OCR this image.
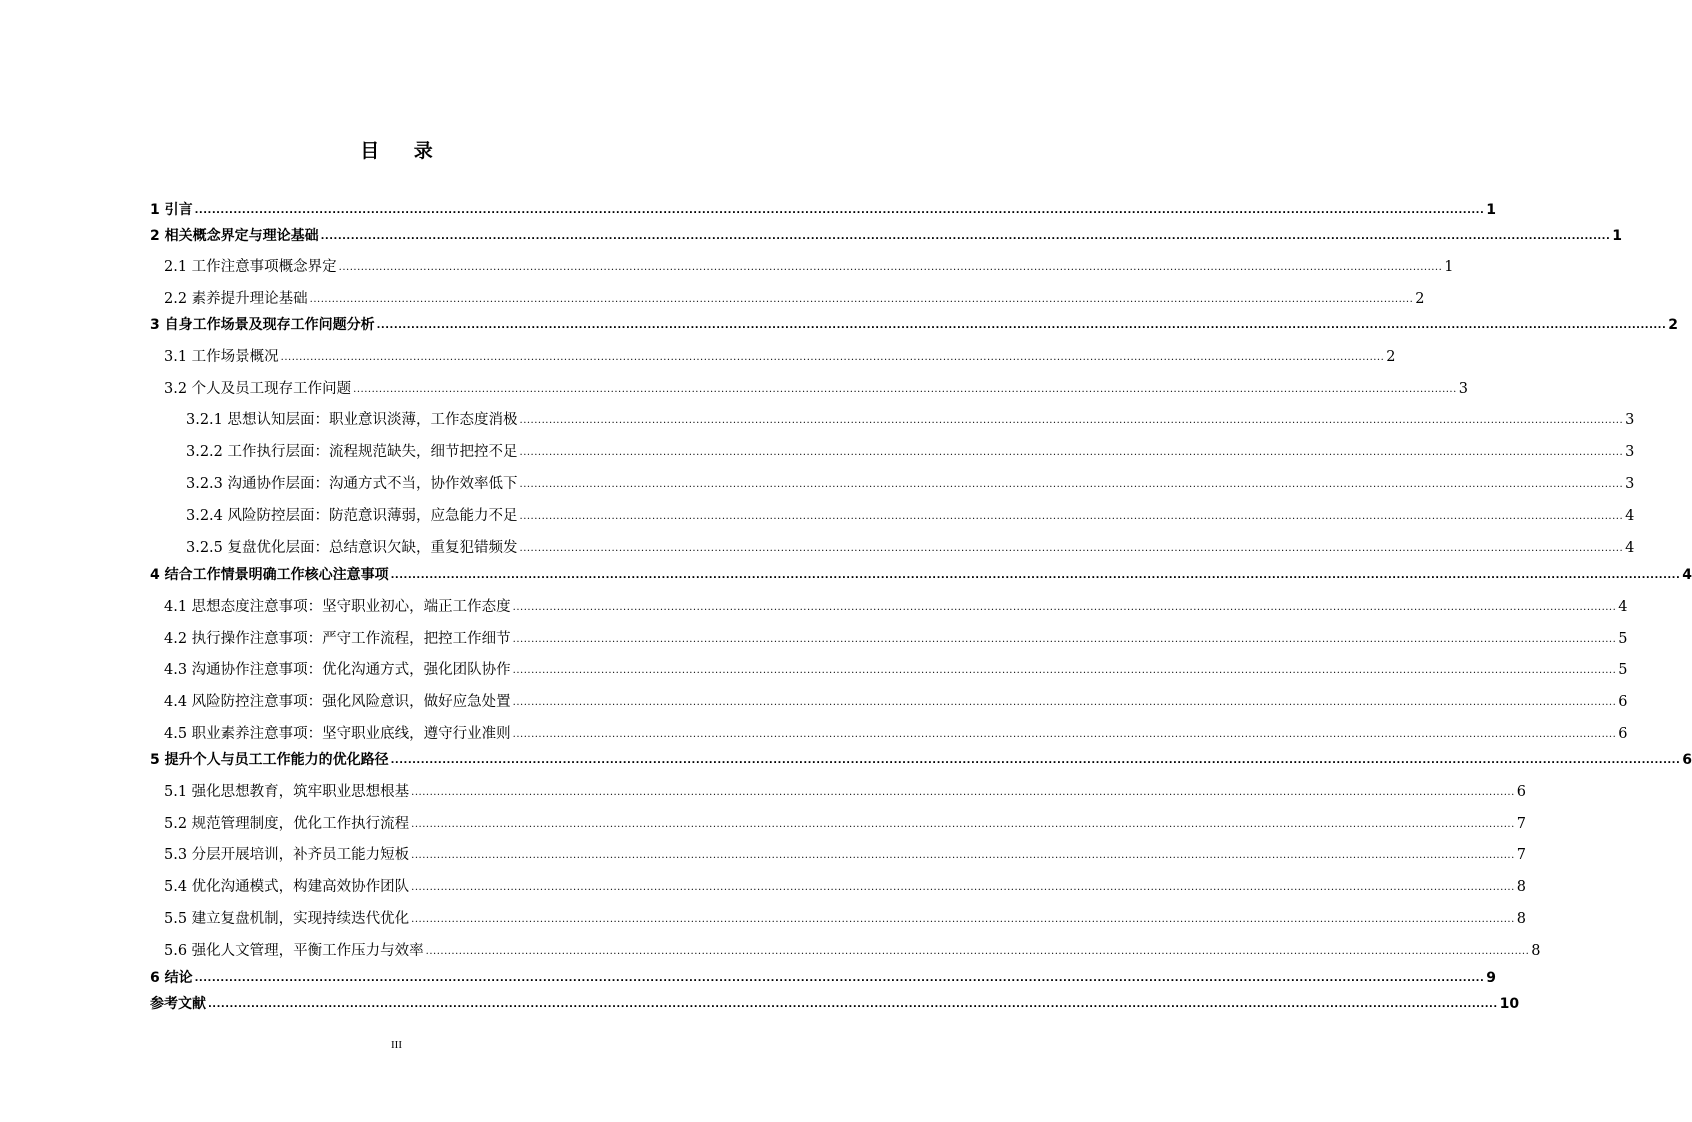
目 录
1 引言 ............................................................................................................................................................................................................................................................................................................ 1
2 相关概念界定与理论基础 ............................................................................................................................................................................................................................................................................................................ 1
2.1 工作注意事项概念界定 ............................................................................................................................................................................................................................................................................................................ 1
2.2 素养提升理论基础 ............................................................................................................................................................................................................................................................................................................ 2
3 自身工作场景及现存工作问题分析 ............................................................................................................................................................................................................................................................................................................ 2
3.1 工作场景概况 ............................................................................................................................................................................................................................................................................................................ 2
3.2 个人及员工现存工作问题 ............................................................................................................................................................................................................................................................................................................ 3
3.2.1 思想认知层面：职业意识淡薄，工作态度消极 ............................................................................................................................................................................................................................................................................................................ 3
3.2.2 工作执行层面：流程规范缺失，细节把控不足 ............................................................................................................................................................................................................................................................................................................ 3
3.2.3 沟通协作层面：沟通方式不当，协作效率低下 ............................................................................................................................................................................................................................................................................................................ 3
3.2.4 风险防控层面：防范意识薄弱，应急能力不足 ............................................................................................................................................................................................................................................................................................................ 4
3.2.5 复盘优化层面：总结意识欠缺，重复犯错频发 ............................................................................................................................................................................................................................................................................................................ 4
4 结合工作情景明确工作核心注意事项 ............................................................................................................................................................................................................................................................................................................ 4
4.1 思想态度注意事项：坚守职业初心，端正工作态度 ............................................................................................................................................................................................................................................................................................................ 4
4.2 执行操作注意事项：严守工作流程，把控工作细节 ............................................................................................................................................................................................................................................................................................................ 5
4.3 沟通协作注意事项：优化沟通方式，强化团队协作 ............................................................................................................................................................................................................................................................................................................ 5
4.4 风险防控注意事项：强化风险意识，做好应急处置 ............................................................................................................................................................................................................................................................................................................ 6
4.5 职业素养注意事项：坚守职业底线，遵守行业准则 ............................................................................................................................................................................................................................................................................................................ 6
5 提升个人与员工工作能力的优化路径 ............................................................................................................................................................................................................................................................................................................ 6
5.1 强化思想教育，筑牢职业思想根基 ............................................................................................................................................................................................................................................................................................................ 6
5.2 规范管理制度，优化工作执行流程 ............................................................................................................................................................................................................................................................................................................ 7
5.3 分层开展培训，补齐员工能力短板 ............................................................................................................................................................................................................................................................................................................ 7
5.4 优化沟通模式，构建高效协作团队 ............................................................................................................................................................................................................................................................................................................ 8
5.5 建立复盘机制，实现持续迭代优化 ............................................................................................................................................................................................................................................................................................................ 8
5.6 强化人文管理，平衡工作压力与效率 ............................................................................................................................................................................................................................................................................................................ 8
6 结论 ............................................................................................................................................................................................................................................................................................................ 9
参考文献 ............................................................................................................................................................................................................................................................................................................ 10
III
